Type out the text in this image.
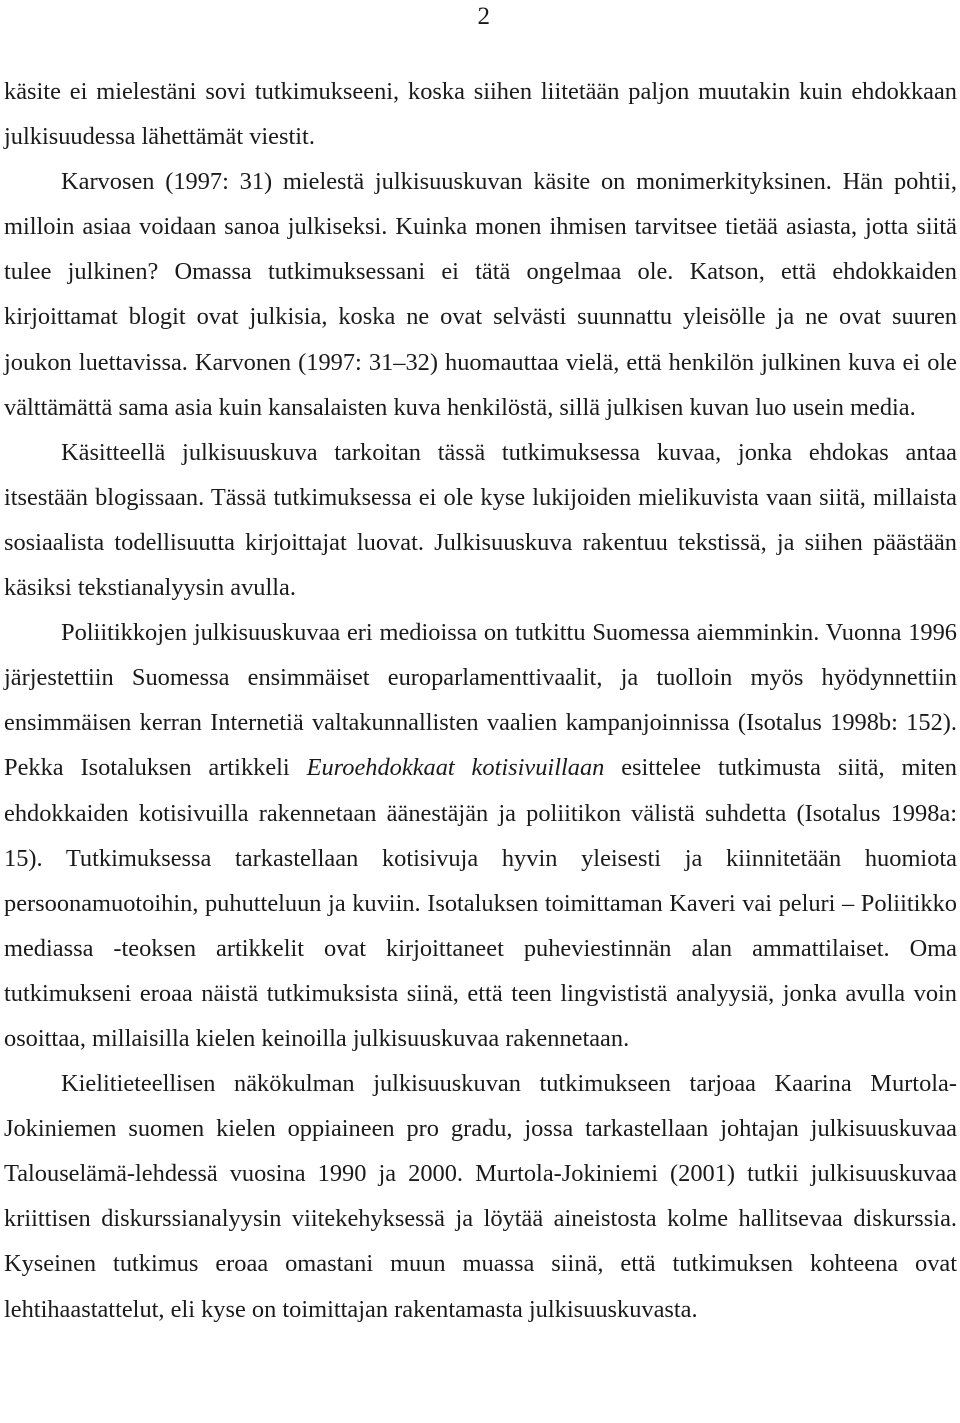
2

käsite ei mielestäni sovi tutkimukseeni, koska siihen liitetään paljon muutakin kuin ehdokkaan julkisuudessa lähettämät viestit.

Karvosen (1997: 31) mielestä julkisuuskuvan käsite on monimerkityksinen. Hän pohtii, milloin asiaa voidaan sanoa julkiseksi. Kuinka monen ihmisen tarvitsee tietää asiasta, jotta siitä tulee julkinen? Omassa tutkimuksessani ei tätä ongelmaa ole. Katson, että ehdokkaiden kirjoittamat blogit ovat julkisia, koska ne ovat selvästi suunnattu yleisölle ja ne ovat suuren joukon luettavissa. Karvonen (1997: 31–32) huomauttaa vielä, että henkilön julkinen kuva ei ole välttämättä sama asia kuin kansalaisten kuva henkilöstä, sillä julkisen kuvan luo usein media.

Käsitteellä julkisuuskuva tarkoitan tässä tutkimuksessa kuvaa, jonka ehdokas antaa itsestään blogissaan. Tässä tutkimuksessa ei ole kyse lukijoiden mielikuvista vaan siitä, millaista sosiaalista todellisuutta kirjoittajat luovat. Julkisuuskuva rakentuu tekstissä, ja siihen päästään käsiksi tekstianalyysin avulla.

Poliitikkojen julkisuuskuvaa eri medioissa on tutkittu Suomessa aiemminkin. Vuonna 1996 järjestettiin Suomessa ensimmäiset europarlamenttivaalit, ja tuolloin myös hyödynnettiin ensimmäisen kerran Internetiä valtakunnallisten vaalien kampanjoinnissa (Isotalus 1998b: 152). Pekka Isotaluksen artikkeli Euroehdokkaat kotisivuillaan esittelee tutkimusta siitä, miten ehdokkaiden kotisivuilla rakennetaan äänestäjän ja poliitikon välistä suhdetta (Isotalus 1998a: 15). Tutkimuksessa tarkastellaan kotisivuja hyvin yleisesti ja kiinnitetään huomiota persoonamuotoihin, puhutteluun ja kuviin. Isotaluksen toimittaman Kaveri vai peluri – Poliitikko mediassa -teoksen artikkelit ovat kirjoittaneet puheviestinnän alan ammattilaiset. Oma tutkimukseni eroaa näistä tutkimuksista siinä, että teen lingvististä analyysiä, jonka avulla voin osoittaa, millaisilla kielen keinoilla julkisuuskuvaa rakennetaan.

Kielitieteellisen näkökulman julkisuuskuvan tutkimukseen tarjoaa Kaarina Murtola-Jokiniemen suomen kielen oppiaineen pro gradu, jossa tarkastellaan johtajan julkisuuskuvaa Talouselämä-lehdessä vuosina 1990 ja 2000. Murtola-Jokiniemi (2001) tutkii julkisuuskuvaa kriittisen diskurssianalyysin viitekehyksessä ja löytää aineistosta kolme hallitsevaa diskurssia. Kyseinen tutkimus eroaa omastani muun muassa siinä, että tutkimuksen kohteena ovat lehtihaastattelut, eli kyse on toimittajan rakentamasta julkisuuskuvasta.
